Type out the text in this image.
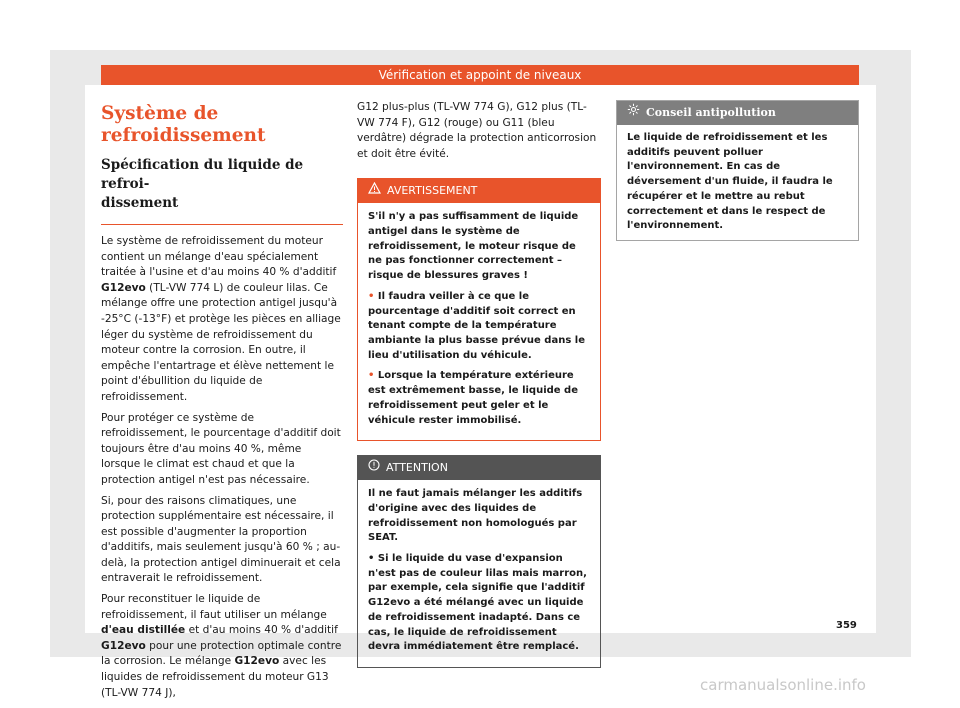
Vérification et appoint de niveaux
Système de refroidissement
Spécification du liquide de refroi-
dissement

Le système de refroidissement du moteur contient un mélange d'eau spécialement traitée à l'usine et d'au moins 40 % d'additif G12evo (TL-VW 774 L) de couleur lilas. Ce mélange offre une protection antigel jusqu'à -25°C (-13°F) et protège les pièces en alliage léger du système de refroidissement du moteur contre la corrosion. En outre, il empêche l'entartrage et élève nettement le point d'ébullition du liquide de refroidissement.

Pour protéger ce système de refroidissement, le pourcentage d'additif doit toujours être d'au moins 40 %, même lorsque le climat est chaud et que la protection antigel n'est pas nécessaire.

Si, pour des raisons climatiques, une protection supplémentaire est nécessaire, il est possible d'augmenter la proportion d'additifs, mais seulement jusqu'à 60 % ; au-delà, la protection antigel diminuerait et cela entraverait le refroidissement.

Pour reconstituer le liquide de refroidissement, il faut utiliser un mélange d'eau distillée et d'au moins 40 % d'additif G12evo pour une protection optimale contre la corrosion. Le mélange G12evo avec les liquides de refroidissement du moteur G13 (TL-VW 774 J),

G12 plus-plus (TL-VW 774 G), G12 plus (TL-VW 774 F), G12 (rouge) ou G11 (bleu verdâtre) dégrade la protection anticorrosion et doit être évité.

AVERTISSEMENT

S'il n'y a pas suffisamment de liquide antigel dans le système de refroidissement, le moteur risque de ne pas fonctionner correctement – risque de blessures graves !

• Il faudra veiller à ce que le pourcentage d'additif soit correct en tenant compte de la température ambiante la plus basse prévue dans le lieu d'utilisation du véhicule.

• Lorsque la température extérieure est extrêmement basse, le liquide de refroidissement peut geler et le véhicule rester immobilisé.

ATTENTION

Il ne faut jamais mélanger les additifs d'origine avec des liquides de refroidissement non homologués par SEAT.

• Si le liquide du vase d'expansion n'est pas de couleur lilas mais marron, par exemple, cela signifie que l'additif G12evo a été mélangé avec un liquide de refroidissement inadapté. Dans ce cas, le liquide de refroidissement devra immédiatement être remplacé.

Conseil antipollution

Le liquide de refroidissement et les additifs peuvent polluer l'environnement. En cas de déversement d'un fluide, il faudra le récupérer et le mettre au rebut correctement et dans le respect de l'environnement.

359
carmanualsonline.info
